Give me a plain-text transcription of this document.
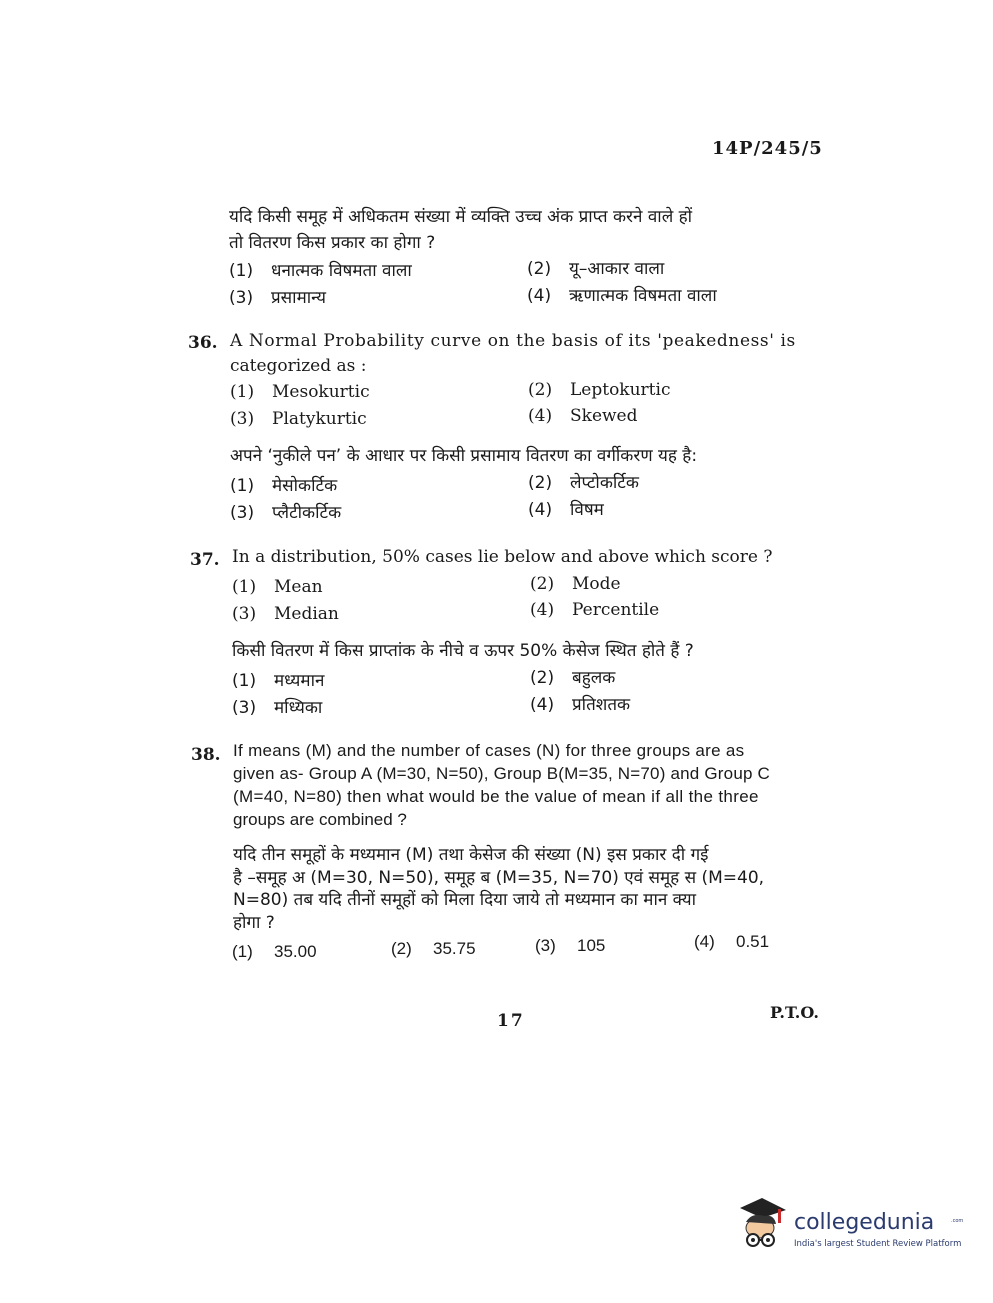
14P/245/5
यदि किसी समूह में अधिकतम संख्या में व्यक्ति उच्च अंक प्राप्त करने वाले हों
तो वितरण किस प्रकार का होगा ?
(1) धनात्मक विषमता वाला	(2) यू–आकार वाला
(3) प्रसामान्य	(4) ऋणात्मक विषमता वाला
36. A Normal Probability curve on the basis of its 'peakedness' is
categorized as :
(1) Mesokurtic	(2) Leptokurtic
(3) Platykurtic	(4) Skewed
अपने ‘नुकीले पन’ के आधार पर किसी प्रसामाय वितरण का वर्गीकरण यह है:
(1) मेसोकर्टिक	(2) लेप्टोकर्टिक
(3) प्लैटीकर्टिक	(4) विषम
37. In a distribution, 50% cases lie below and above which score ?
(1) Mean	(2) Mode
(3) Median	(4) Percentile
किसी वितरण में किस प्राप्तांक के नीचे व ऊपर 50% केसेज स्थित होते हैं ?
(1) मध्यमान	(2) बहुलक
(3) मध्यिका	(4) प्रतिशतक
38. If means (M) and the number of cases (N) for three groups are as
given as- Group A (M=30, N=50), Group B(M=35, N=70) and Group C
(M=40, N=80) then what would be the value of mean if all the three
groups are combined ?
यदि तीन समूहों के मध्यमान (M) तथा केसेज की संख्या (N) इस प्रकार दी गई
है –समूह अ (M=30, N=50), समूह ब (M=35, N=70) एवं समूह स (M=40,
N=80) तब यदि तीनों समूहों को मिला दिया जाये तो मध्यमान का मान क्या
होगा ?
(1) 35.00	(2) 35.75	(3) 105	(4) 0.51
17	P.T.O.
collegedunia	.com
India's largest Student Review Platform
